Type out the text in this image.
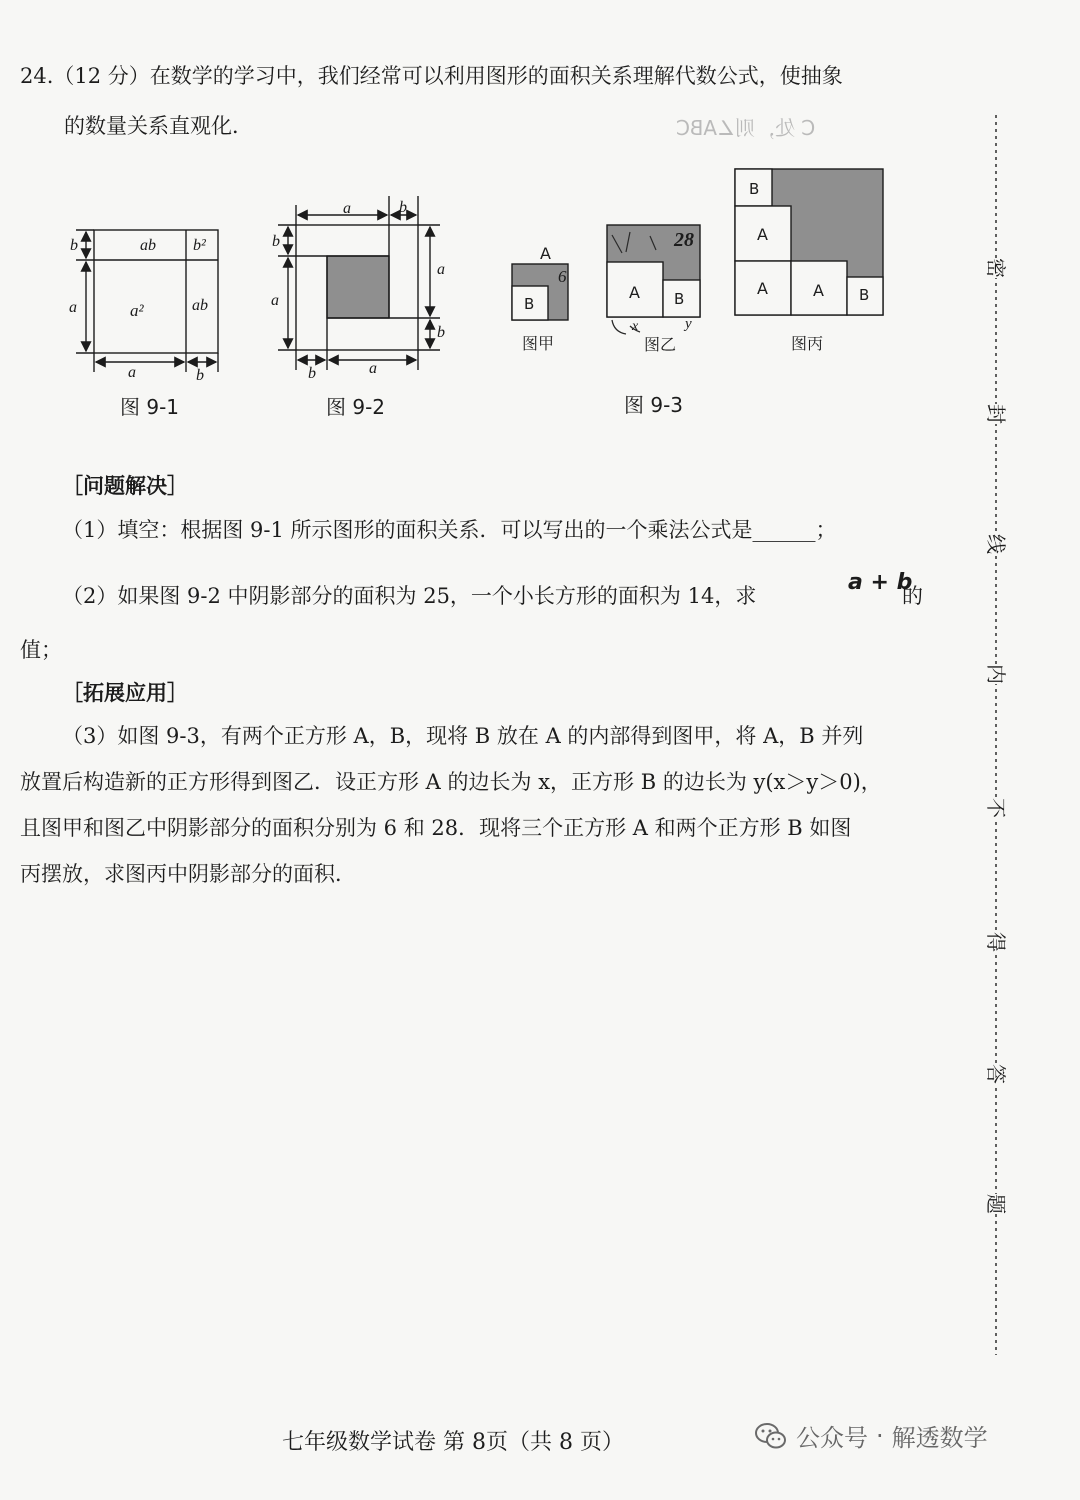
24.（12 分）在数学的学习中，我们经常可以利用图形的面积关系理解代数公式，使抽象
的数量关系直观化．	C 处，则∠ABC
ab b²
a²	ab
b
a
a	b
图 9-1
a	b
b
a
a
b
b	a
图 9-2
A
B
6
图甲
A B
28
y
x
图乙
B
A
A	A B
图丙
图 9-3
［问题解决］
（1）填空：根据图 9-1 所示图形的面积关系．可以写出的一个乘法公式是______；
（2）如果图 9-2 中阴影部分的面积为 25，一个小长方形的面积为 14，求
a + b
的
值；
［拓展应用］
（3）如图 9-3，有两个正方形 A，B，现将 B 放在 A 的内部得到图甲，将 A，B 并列
放置后构造新的正方形得到图乙．设正方形 A 的边长为 x，正方形 B 的边长为 y(x＞y＞0)，
且图甲和图乙中阴影部分的面积分别为 6 和 28．现将三个正方形 A 和两个正方形 B 如图
丙摆放，求图丙中阴影部分的面积．
密
封
线
内
不
得
答
题
七年级数学试卷 第 8页（共 8 页）	公众号 · 解透数学
